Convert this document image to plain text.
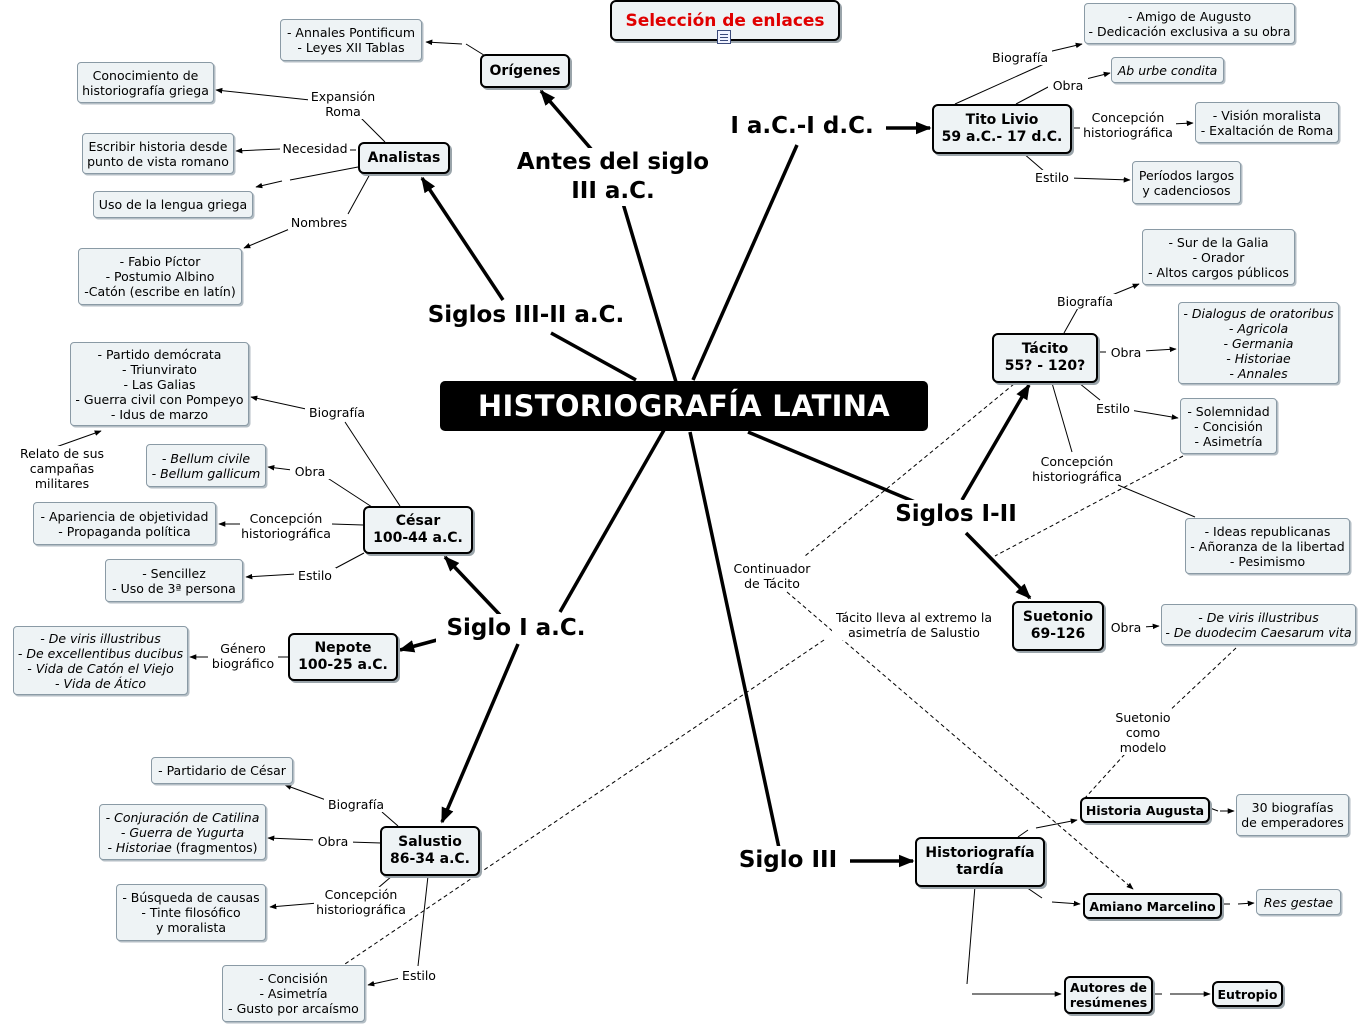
Selección de enlaces
HISTORIOGRAFÍA LATINA
Antes del siglo
III a.C.
Siglos III-II a.C.
Siglo I a.C.
I a.C.-I d.C.
Siglos I-II
Siglo III
Orígenes
Analistas
César
100-44 a.C.
Nepote
100-25 a.C.
Salustio
86-34 a.C.
Tito Livio
59 a.C.- 17 d.C.
Tácito
55? - 120?
Suetonio
69-126
Historiografía
tardía
Historia Augusta
Amiano Marcelino
Autores de
resúmenes
Eutropio
- Annales Pontificum
- Leyes XII Tablas
Conocimiento de
historiografía griega
Escribir historia desde
punto de vista romano
Uso de la lengua griega
- Fabio Píctor
- Postumio Albino
-Catón (escribe en latín)
- Partido demócrata
- Triunvirato
- Las Galias
- Guerra civil con Pompeyo
- Idus de marzo
- Bellum civile
- Bellum gallicum
- Apariencia de objetividad
- Propaganda política
- Sencillez
- Uso de 3ª persona
- De viris illustribus
- De excellentibus ducibus
- Vida de Catón el Viejo
- Vida de Ático
- Partidario de César
- Conjuración de Catilina
- Guerra de Yugurta
- Historiae (fragmentos)
- Búsqueda de causas
- Tinte filosófico
y moralista
- Concisión
- Asimetría
- Gusto por arcaísmo
- Amigo de Augusto
- Dedicación exclusiva a su obra
Ab urbe condita
- Visión moralista
- Exaltación de Roma
Períodos largos
y cadenciosos
- Sur de la Galia
- Orador
- Altos cargos públicos
- Dialogus de oratoribus
- Agricola
- Germania
- Historiae
- Annales
- Solemnidad
- Concisión
- Asimetría
- Ideas republicanas
- Añoranza de la libertad
- Pesimismo
- De viris illustribus
- De duodecim Caesarum vita
30 biografías
de emperadores
Res gestae
Expansión
Roma
Necesidad
Nombres
Relato de sus
campañas militares
Biografía
Obra
Concepción
historiográfica
Estilo
Género
biográfico
Biografía
Obra
Concepción
historiográfica
Estilo
Biografía
Obra
Concepción
historiográfica
Estilo
Biografía
Obra
Estilo
Concepción
historiográfica
Obra
Continuador
de Tácito
Tácito lleva al extremo la
asimetría de Salustio
Suetonio
como modelo
